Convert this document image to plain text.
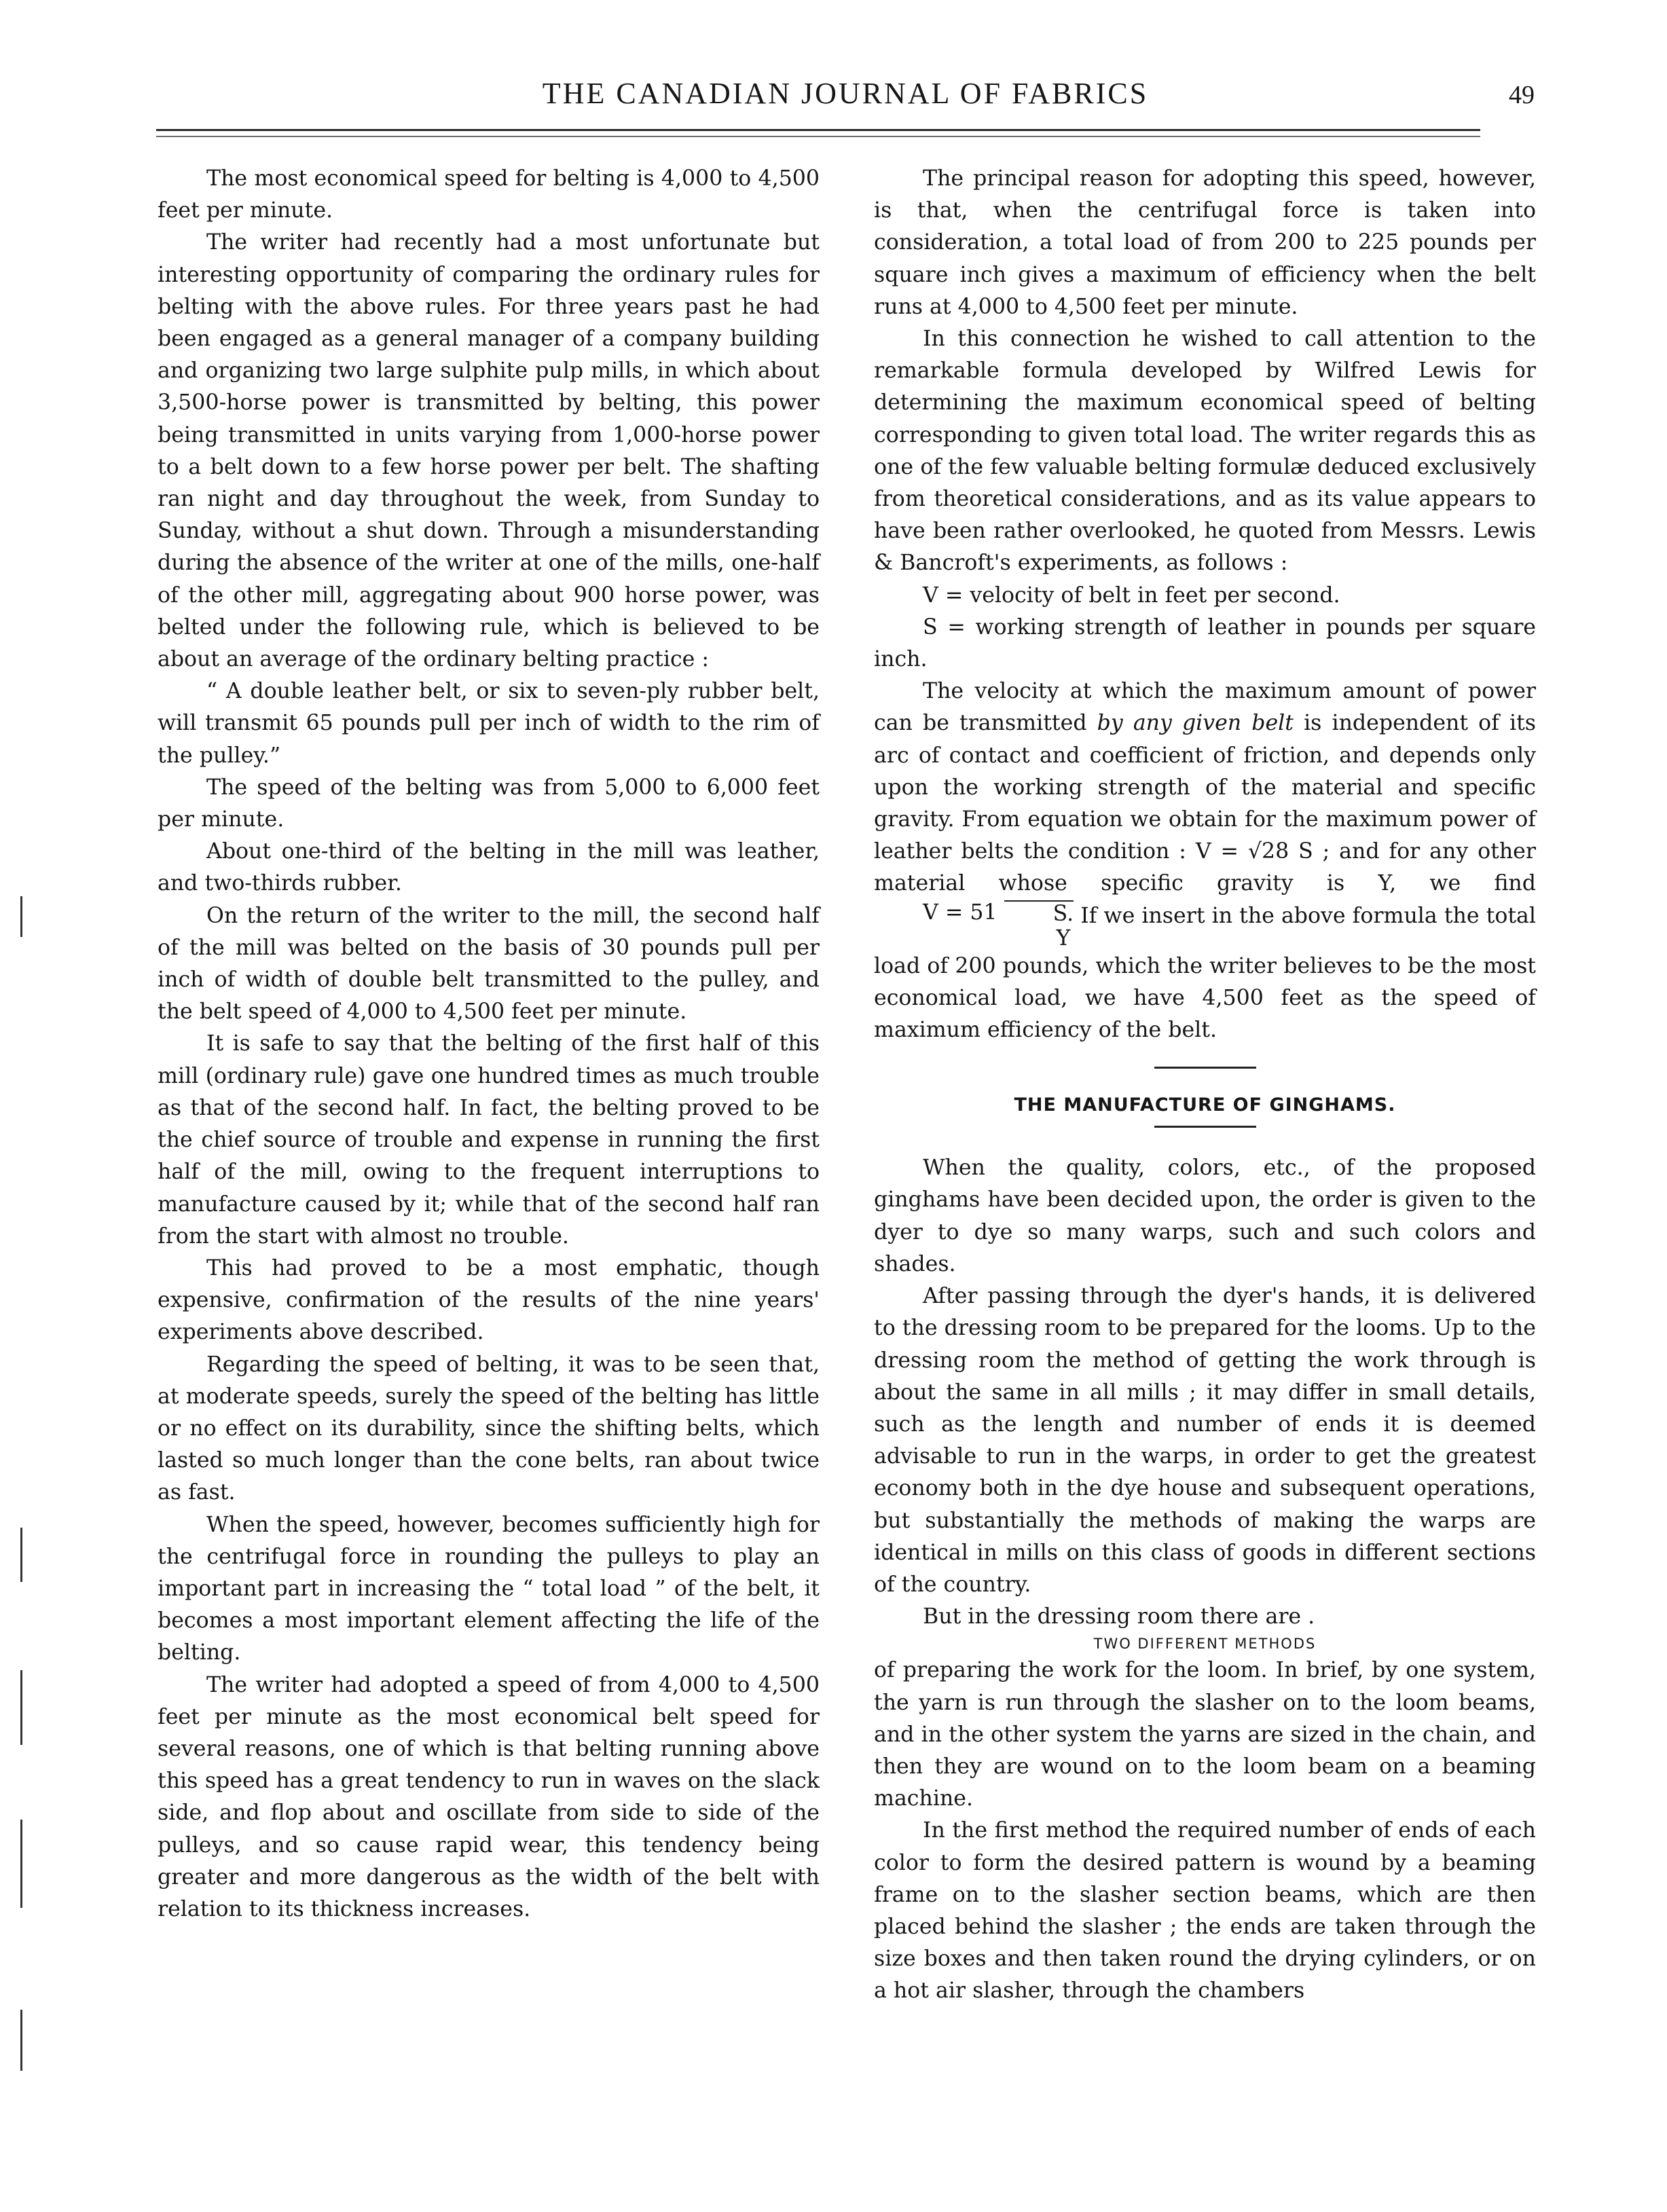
THE CANADIAN JOURNAL OF FABRICS	49

The most economical speed for belting is 4,000 to 4,500 feet per minute.

The writer had recently had a most unfortunate but interesting opportunity of comparing the ordinary rules for belting with the above rules. For three years past he had been engaged as a general manager of a company building and organizing two large sulphite pulp mills, in which about 3,500-horse power is transmitted by belting, this power being transmitted in units varying from 1,000-horse power to a belt down to a few horse power per belt. The shafting ran night and day throughout the week, from Sunday to Sunday, without a shut down. Through a misunderstanding during the absence of the writer at one of the mills, one-half of the other mill, aggregating about 900 horse power, was belted under the following rule, which is believed to be about an average of the ordinary belting practice :

“ A double leather belt, or six to seven-ply rubber belt, will transmit 65 pounds pull per inch of width to the rim of the pulley.”

The speed of the belting was from 5,000 to 6,000 feet per minute.

About one-third of the belting in the mill was leather, and two-thirds rubber.

On the return of the writer to the mill, the second half of the mill was belted on the basis of 30 pounds pull per inch of width of double belt transmitted to the pulley, and the belt speed of 4,000 to 4,500 feet per minute.

It is safe to say that the belting of the first half of this mill (ordinary rule) gave one hundred times as much trouble as that of the second half. In fact, the belting proved to be the chief source of trouble and expense in running the first half of the mill, owing to the frequent interruptions to manufacture caused by it; while that of the second half ran from the start with almost no trouble.

This had proved to be a most emphatic, though expensive, confirmation of the results of the nine years' experiments above described.

Regarding the speed of belting, it was to be seen that, at moderate speeds, surely the speed of the belting has little or no effect on its durability, since the shifting belts, which lasted so much longer than the cone belts, ran about twice as fast.

When the speed, however, becomes sufficiently high for the centrifugal force in rounding the pulleys to play an important part in increasing the “ total load ” of the belt, it becomes a most important element affecting the life of the belting.

The writer had adopted a speed of from 4,000 to 4,500 feet per minute as the most economical belt speed for several reasons, one of which is that belting running above this speed has a great tendency to run in waves on the slack side, and flop about and oscillate from side to side of the pulleys, and so cause rapid wear, this tendency being greater and more dangerous as the width of the belt with relation to its thickness increases.

The principal reason for adopting this speed, however, is that, when the centrifugal force is taken into consideration, a total load of from 200 to 225 pounds per square inch gives a maximum of efficiency when the belt runs at 4,000 to 4,500 feet per minute.

In this connection he wished to call attention to the remarkable formula developed by Wilfred Lewis for determining the maximum economical speed of belting corresponding to given total load. The writer regards this as one of the few valuable belting formulæ deduced exclusively from theoretical considerations, and as its value appears to have been rather overlooked, he quoted from Messrs. Lewis & Bancroft's experiments, as follows :

V = velocity of belt in feet per second.

S = working strength of leather in pounds per square inch.

The velocity at which the maximum amount of power can be transmitted by any given belt is independent of its arc of contact and coefficient of friction, and depends only upon the working strength of the material and specific gravity. From equation we obtain for the maximum power of leather belts the condition : V = √28 S ; and for any other material whose specific gravity is Y, we find V = 51	S.
Y
If we insert in the above formula the total load of 200 pounds, which the writer believes to be the most economical load, we have 4,500 feet as the speed of maximum efficiency of the belt.

THE MANUFACTURE OF GINGHAMS.

When the quality, colors, etc., of the proposed ginghams have been decided upon, the order is given to the dyer to dye so many warps, such and such colors and shades.

After passing through the dyer's hands, it is delivered to the dressing room to be prepared for the looms. Up to the dressing room the method of getting the work through is about the same in all mills ; it may differ in small details, such as the length and number of ends it is deemed advisable to run in the warps, in order to get the greatest economy both in the dye house and subsequent operations, but substantially the methods of making the warps are identical in mills on this class of goods in different sections of the country.

But in the dressing room there are .

TWO DIFFERENT METHODS

of preparing the work for the loom. In brief, by one system, the yarn is run through the slasher on to the loom beams, and in the other system the yarns are sized in the chain, and then they are wound on to the loom beam on a beaming machine.

In the first method the required number of ends of each color to form the desired pattern is wound by a beaming frame on to the slasher section beams, which are then placed behind the slasher ; the ends are taken through the size boxes and then taken round the drying cylinders, or on a hot air slasher, through the chambers
